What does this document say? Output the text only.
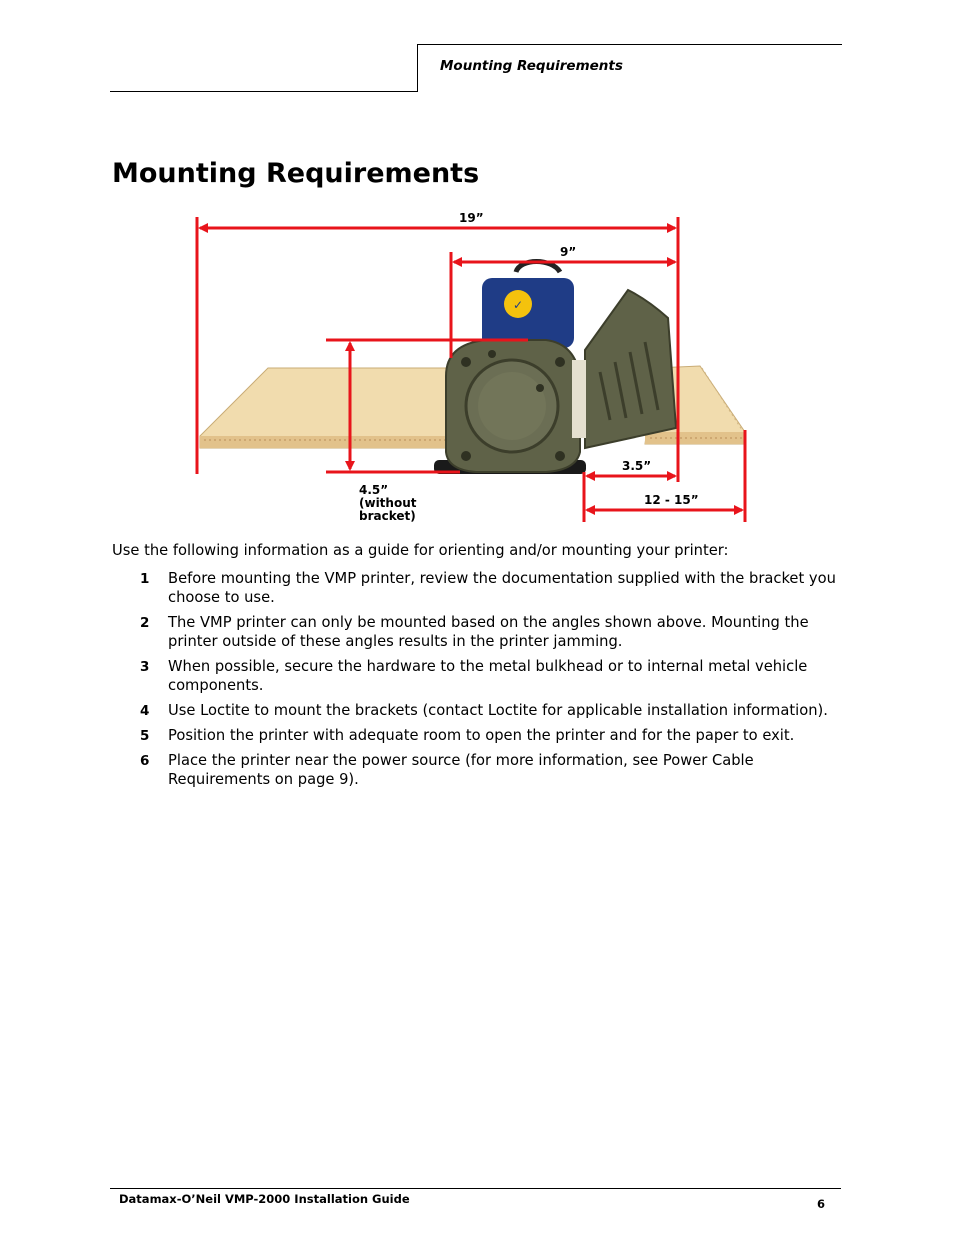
Mounting Requirements
Mounting Requirements
✓
19”
9”
4.5”
(without
bracket)
3.5”
12 - 15”

Use the following information as a guide for orienting and/or mounting your printer:

1 Before mounting the VMP printer, review the documentation supplied with the bracket you choose to use.
2 The VMP printer can only be mounted based on the angles shown above. Mounting the printer outside of these angles results in the printer jamming.
3 When possible, secure the hardware to the metal bulkhead or to internal metal vehicle components.
4 Use Loctite to mount the brackets (contact Loctite for applicable installation information).
5 Position the printer with adequate room to open the printer and for the paper to exit.
6 Place the printer near the power source (for more information, see Power Cable Requirements on page 9).
Datamax-O’Neil VMP-2000 Installation Guide	6
